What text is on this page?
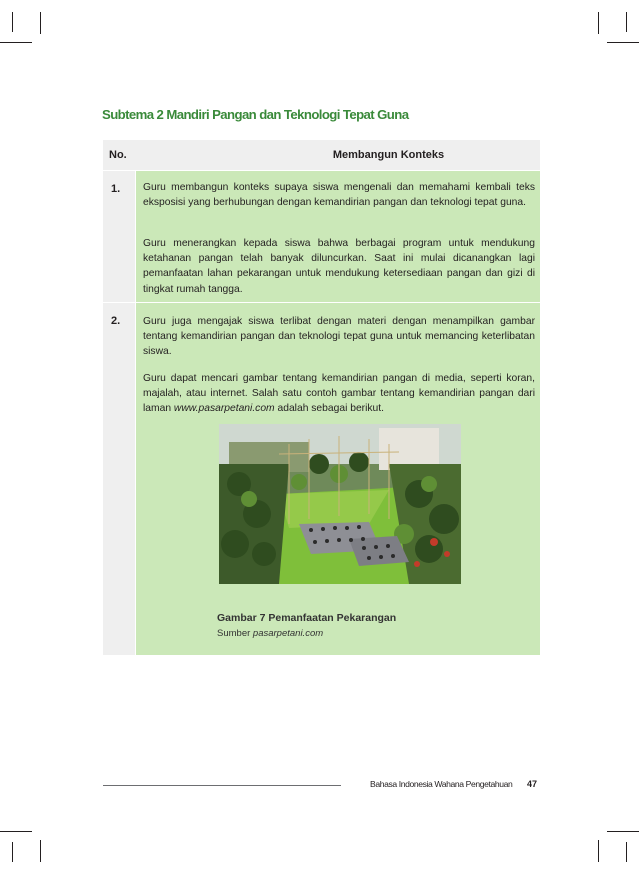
Subtema 2 Mandiri Pangan dan Teknologi Tepat Guna
No.	Membangun Konteks
1. Guru membangun konteks supaya siswa mengenali dan memahami kembali teks eksposisi yang berhubungan dengan kemandirian pangan dan teknologi tepat guna.

Guru menerangkan kepada siswa bahwa berbagai program untuk mendukung ketahanan pangan telah banyak diluncurkan. Saat ini mulai dicanangkan lagi pemanfaatan lahan pekarangan untuk mendukung ketersediaan pangan dan gizi di tingkat rumah tangga.

2. Guru juga mengajak siswa terlibat dengan materi dengan menampilkan gambar tentang kemandirian pangan dan teknologi tepat guna untuk memancing keterlibatan siswa.

Guru dapat mencari gambar tentang kemandirian pangan di media, seperti koran, majalah, atau internet. Salah satu contoh gambar tentang kemandirian pangan dari laman www.pasarpetani.com adalah sebagai berikut.

Gambar 7 Pemanfaatan Pekarangan
Sumber pasarpetani.com
Bahasa Indonesia Wahana Pengetahuan 47
